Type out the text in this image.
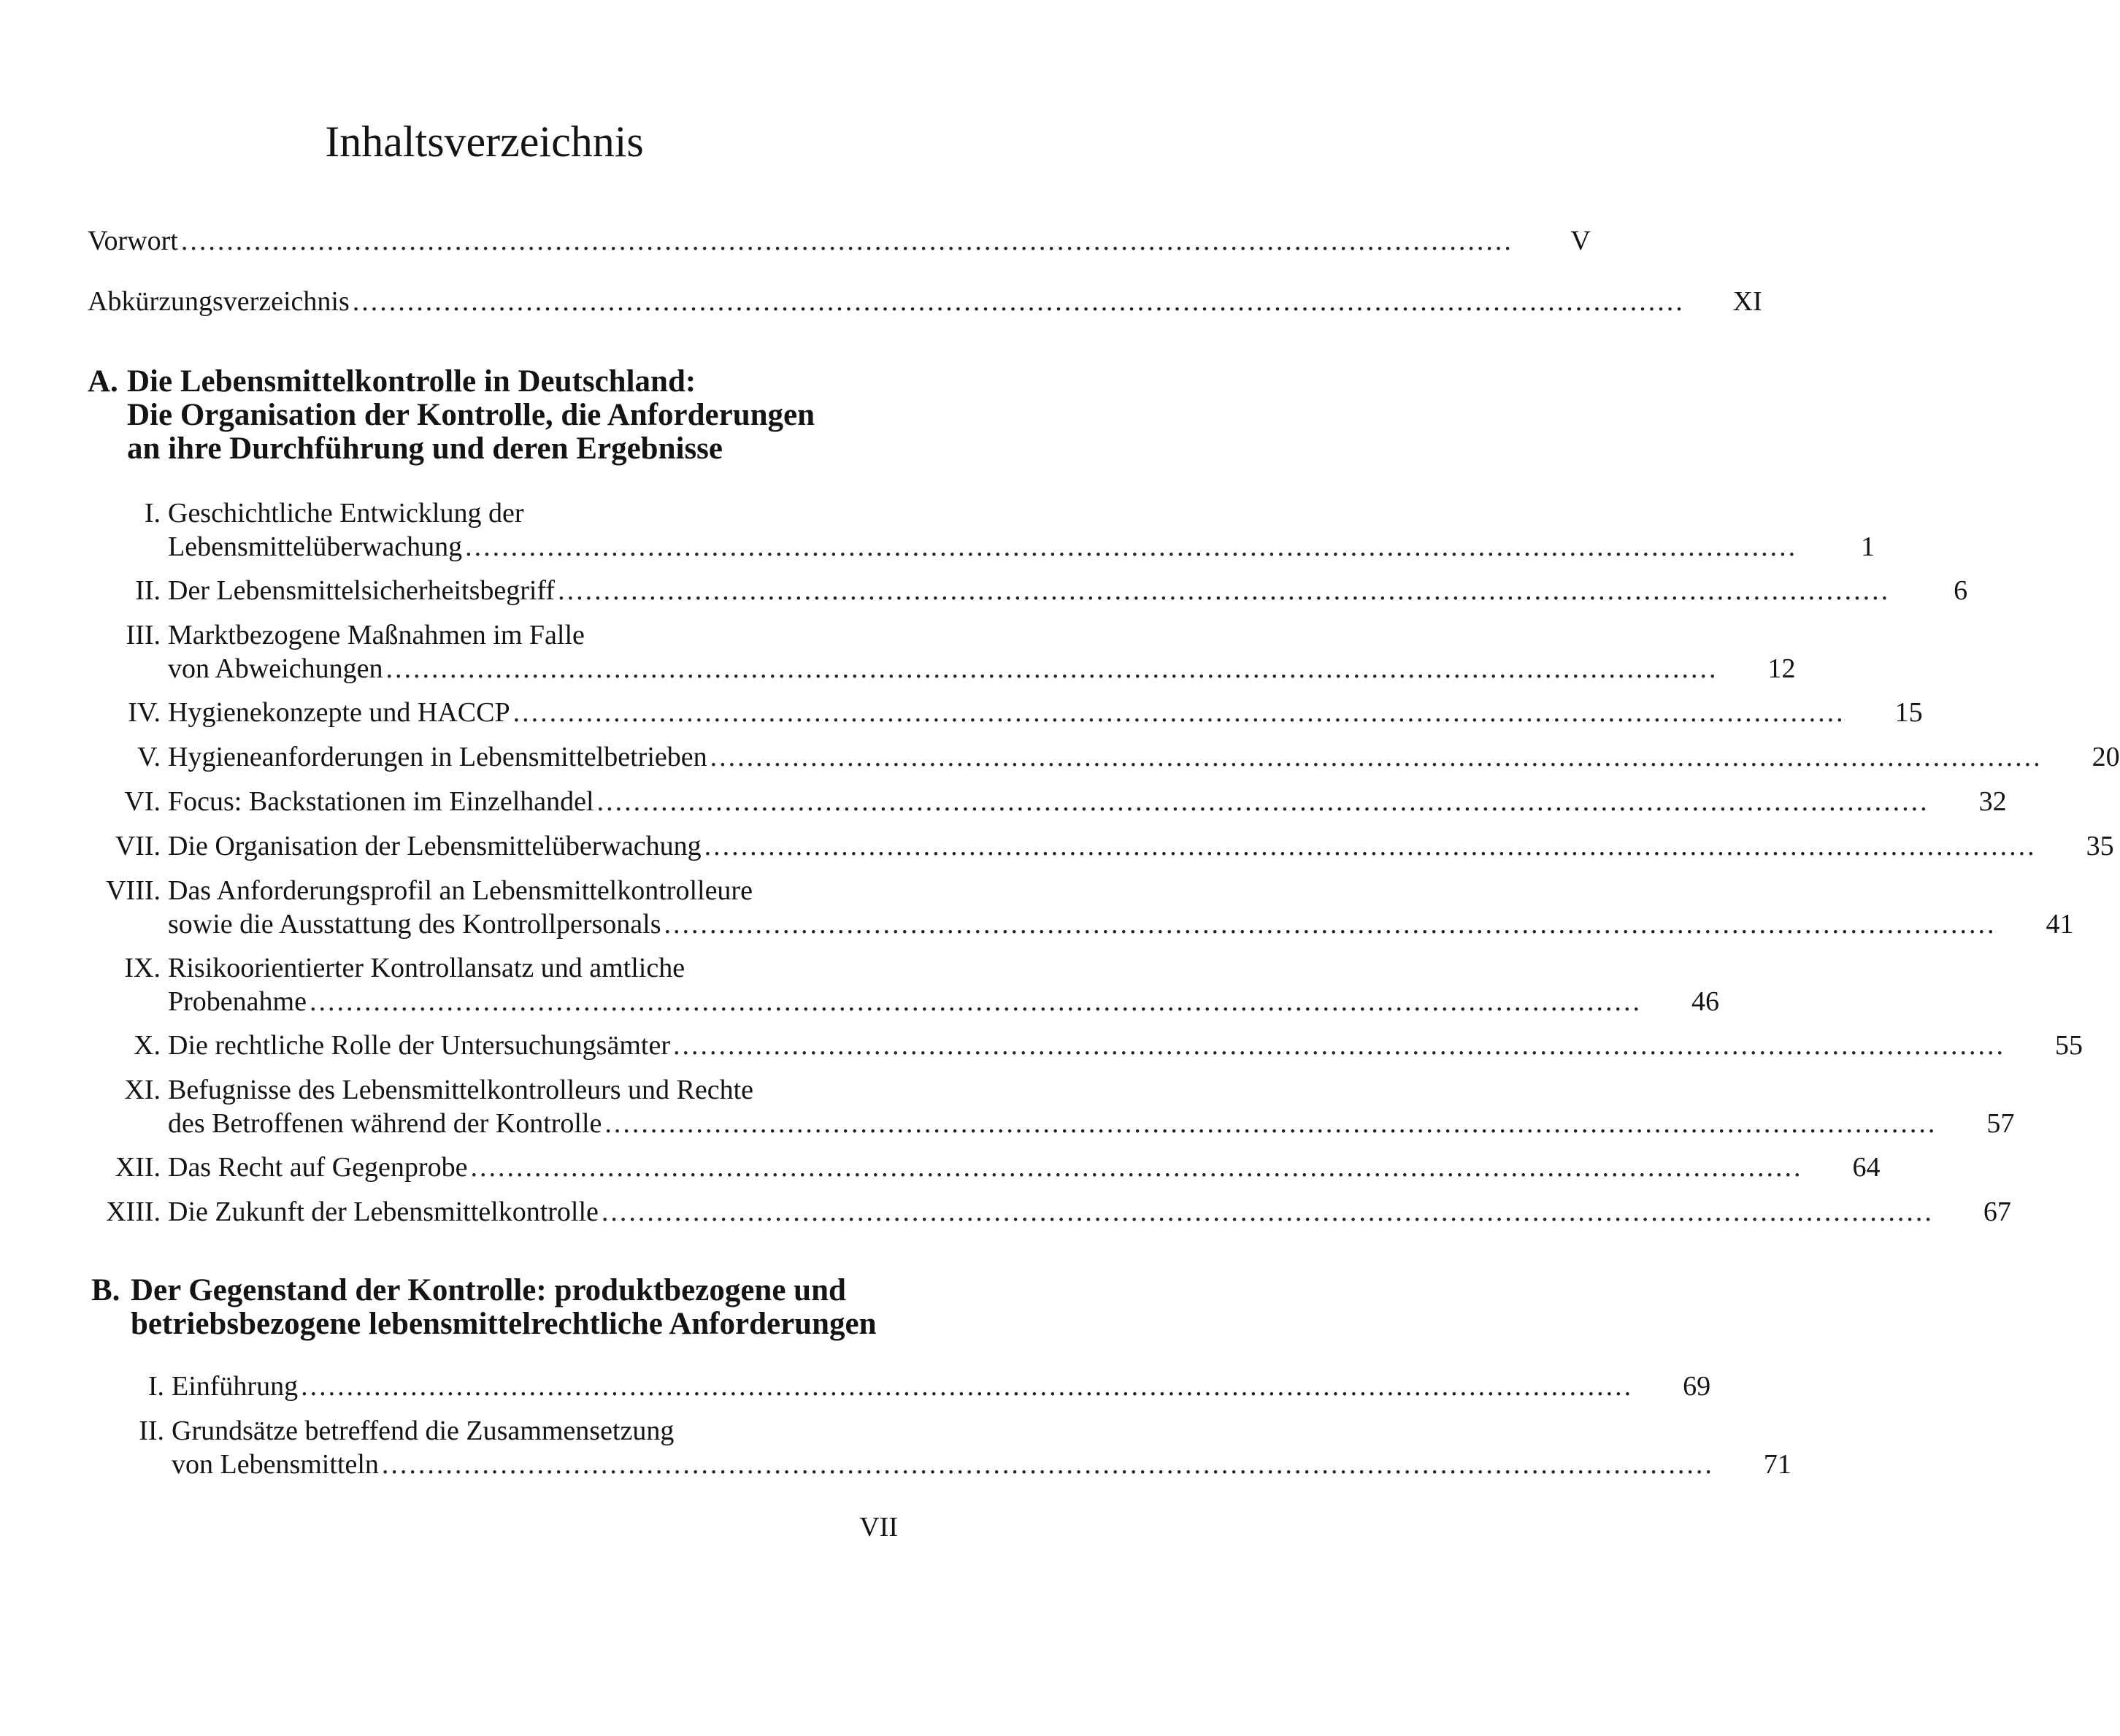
Inhaltsverzeichnis
Vorwort ..................................................................................................................................................	V
Abkürzungsverzeichnis ..................................................................................................................................................	XI
A. Die Lebensmittelkontrolle in Deutschland:
Die Organisation der Kontrolle, die Anforderungen
an ihre Durchführung und deren Ergebnisse
I. Geschichtliche Entwicklung der
Lebensmittelüberwachung ..................................................................................................................................................	1
II. Der Lebensmittelsicherheitsbegriff ..................................................................................................................................................	6
III. Marktbezogene Maßnahmen im Falle
von Abweichungen ..................................................................................................................................................	12
IV. Hygienekonzepte und HACCP ..................................................................................................................................................	15
V. Hygieneanforderungen in Lebensmittelbetrieben ..................................................................................................................................................	20
VI. Focus: Backstationen im Einzelhandel ..................................................................................................................................................	32
VII. Die Organisation der Lebensmittelüberwachung ..................................................................................................................................................	35
VIII. Das Anforderungsprofil an Lebensmittelkontrolleure
sowie die Ausstattung des Kontrollpersonals ..................................................................................................................................................	41
IX. Risikoorientierter Kontrollansatz und amtliche
Probenahme ..................................................................................................................................................	46
X. Die rechtliche Rolle der Untersuchungsämter ..................................................................................................................................................	55
XI. Befugnisse des Lebensmittelkontrolleurs und Rechte
des Betroffenen während der Kontrolle ..................................................................................................................................................	57
XII. Das Recht auf Gegenprobe ..................................................................................................................................................	64
XIII. Die Zukunft der Lebensmittelkontrolle ..................................................................................................................................................	67
B. Der Gegenstand der Kontrolle: produktbezogene und
betriebsbezogene lebensmittelrechtliche Anforderungen
I. Einführung ..................................................................................................................................................	69
II. Grundsätze betreffend die Zusammensetzung
von Lebensmitteln ..................................................................................................................................................	71
VII
